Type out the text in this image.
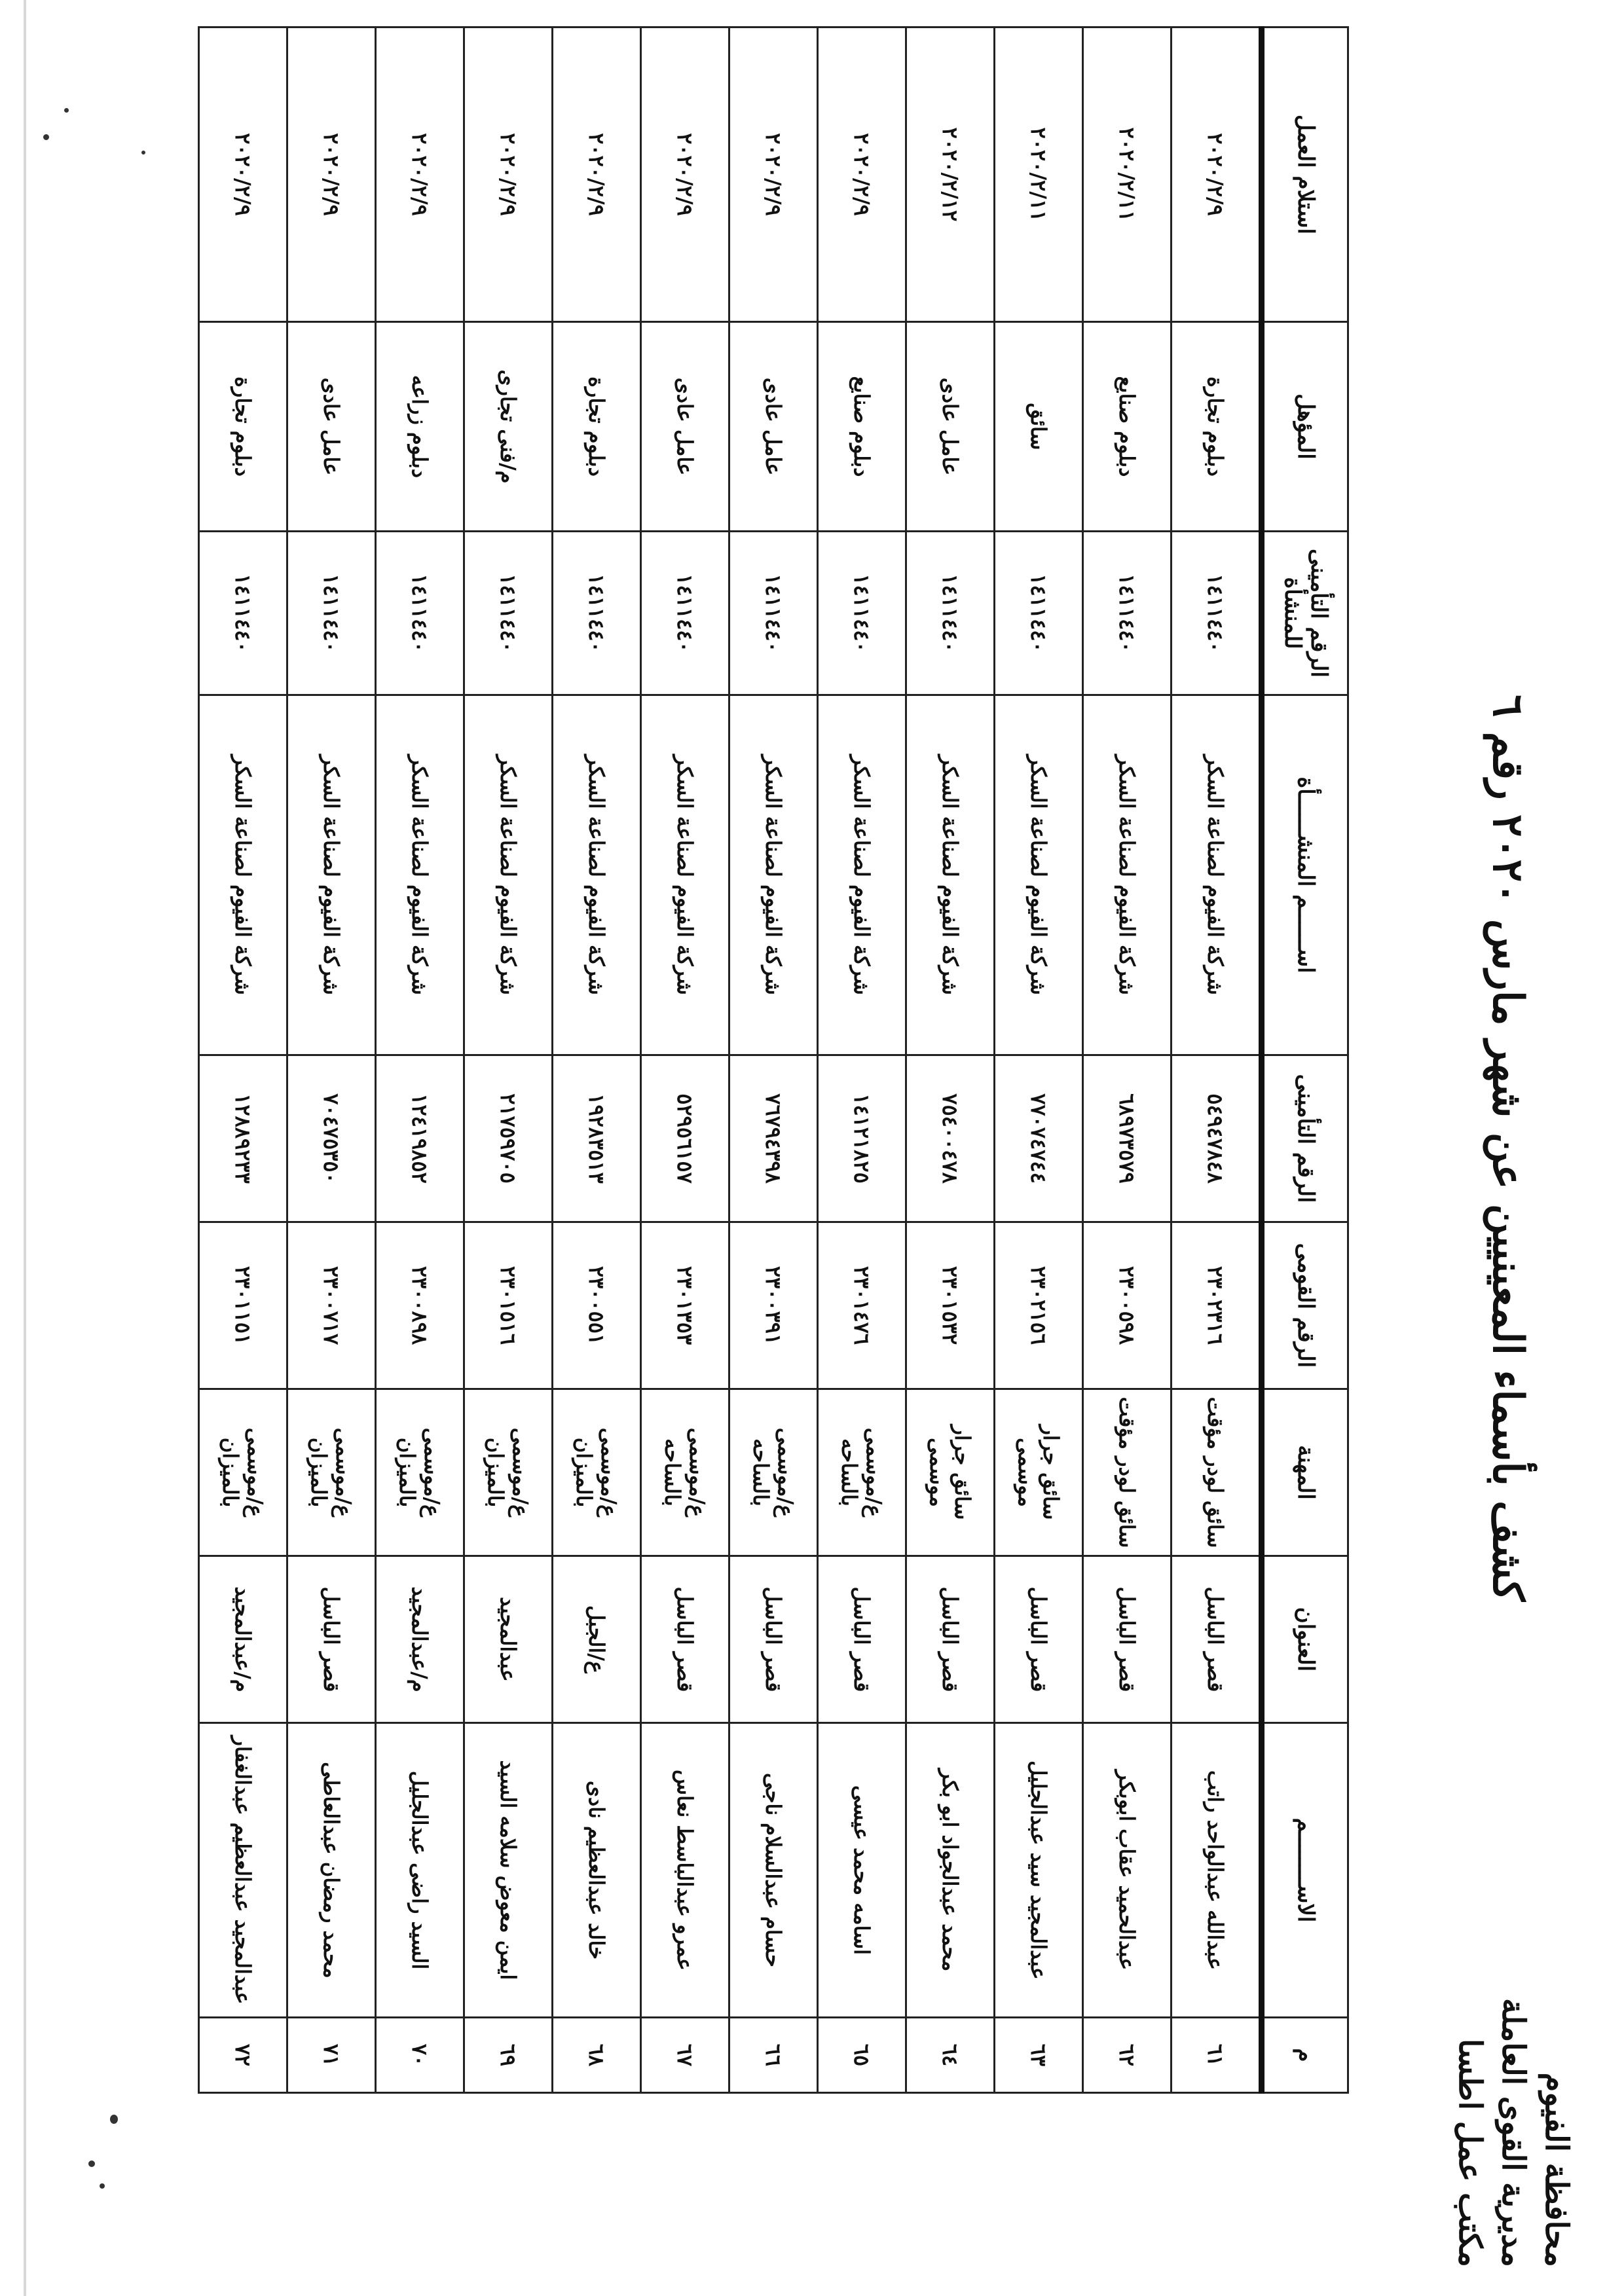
محافظة الفيوم
مديرية القوى العاملة
مكتب عمل اطسا
كشف بأسماء المعينيين عن شهر مارس ٢٠٢٠ رقم ٦
م	الاســــــــم	العنوان	المهنة	الرقم القومى	الرقم التأمينى	اســــــم المنشــــــأة	الرقم التأمينى للمنشأة	المؤهل	استلام العمل
٦١	عبدالله عبدالواحد راتب	قصر الباسل	سائق لودر مؤقت	٢٣٠٢٣١٦	٥٤٩٤٧٨٤٨	شركة الفيوم لصناعة السكر	١٤١١٤٤٠	دبلوم تجارة	٢٠٢٠/٢/٩
٦٢	عبدالحميد عقاب ابوبكر	قصر الباسل	سائق لودر مؤقت	٢٣٠٠٥٩٨	٦٨٩٧٣٥٧٩	شركة الفيوم لصناعة السكر	١٤١١٤٤٠	دبلوم صنايع	٢٠٢٠/٢/١١
٦٣	عبدالمجيد سيد عبدالجليل	قصر الباسل	سائق جرار موسمى	٢٣٠٢١٥٦	٧٧٠٧٤٧٤٤	شركة الفيوم لصناعة السكر	١٤١١٤٤٠	سائق	٢٠٢٠/٢/١١
٦٤	محمد عبدالجواد ابو بكر	قصر الباسل	سائق جرار موسمى	٢٣٠١٥٣٢	٧٥٤٠٠٤٧٨	شركة الفيوم لصناعة السكر	١٤١١٤٤٠	عامل عادى	٢٠٢٠/٢/١٢
٦٥	اسامه محمد عيسى	قصر الباسل	ع/موسمى بالساحه	٢٣٠١٤٧٦	١٤١٢١٨٢٥	شركة الفيوم لصناعة السكر	١٤١١٤٤٠	دبلوم صنايع	٢٠٢٠/٢/٩
٦٦	حسام عبدالسلام ناجى	قصر الباسل	ع/موسمى بالساحه	٢٣٠٠٣٩١	٧٦٧٩٤٣٩٨	شركة الفيوم لصناعة السكر	١٤١١٤٤٠	عامل عادى	٢٠٢٠/٢/٩
٦٧	عمرو عبدالباسط نعاس	قصر الباسل	ع/موسمى بالساحه	٢٣٠١٣٥٣	٥٢٩٥٦١٥٧	شركة الفيوم لصناعة السكر	١٤١١٤٤٠	عامل عادى	٢٠٢٠/٢/٩
٦٨	خالد عبدالعظيم نادى	ع/الجبل	ع/موسمى بالميزان	٢٣٠٠٥٥١	١٩٢٨٣٥١٣	شركة الفيوم لصناعة السكر	١٤١١٤٤٠	دبلوم تجارة	٢٠٢٠/٢/٩
٦٩	ايمن معوض سلامه السيد	عبدالمجيد	ع/موسمى بالميزان	٢٣٠١٥١٦	٢١٧٥٩٧٠٥	شركة الفيوم لصناعة السكر	١٤١١٤٤٠	م/فنى تجارى	٢٠٢٠/٢/٩
٧٠	السيد راضى عبدالجليل	م/عبدالمجيد	ع/موسمى بالميزان	٢٣٠٠٨٩٨	١٢٤١٩٨٥٢	شركة الفيوم لصناعة السكر	١٤١١٤٤٠	دبلوم زراعه	٢٠٢٠/٢/٩
٧١	محمد رمضان عبدالعاطى	قصر الباسل	ع/موسمى بالميزان	٢٣٠٠٧١٧	٧٠٤٧٥٣٥٠	شركة الفيوم لصناعة السكر	١٤١١٤٤٠	عامل عادى	٢٠٢٠/٢/٩
٧٢	عبدالمجيد عبدالعظيم عبدالغفار	م/عبدالمجيد	ع/موسمى بالميزان	٢٣٠١١٥١	١٢٨٨٩٢٣٣	شركة الفيوم لصناعة السكر	١٤١١٤٤٠	دبلوم تجارة	٢٠٢٠/٢/٩
